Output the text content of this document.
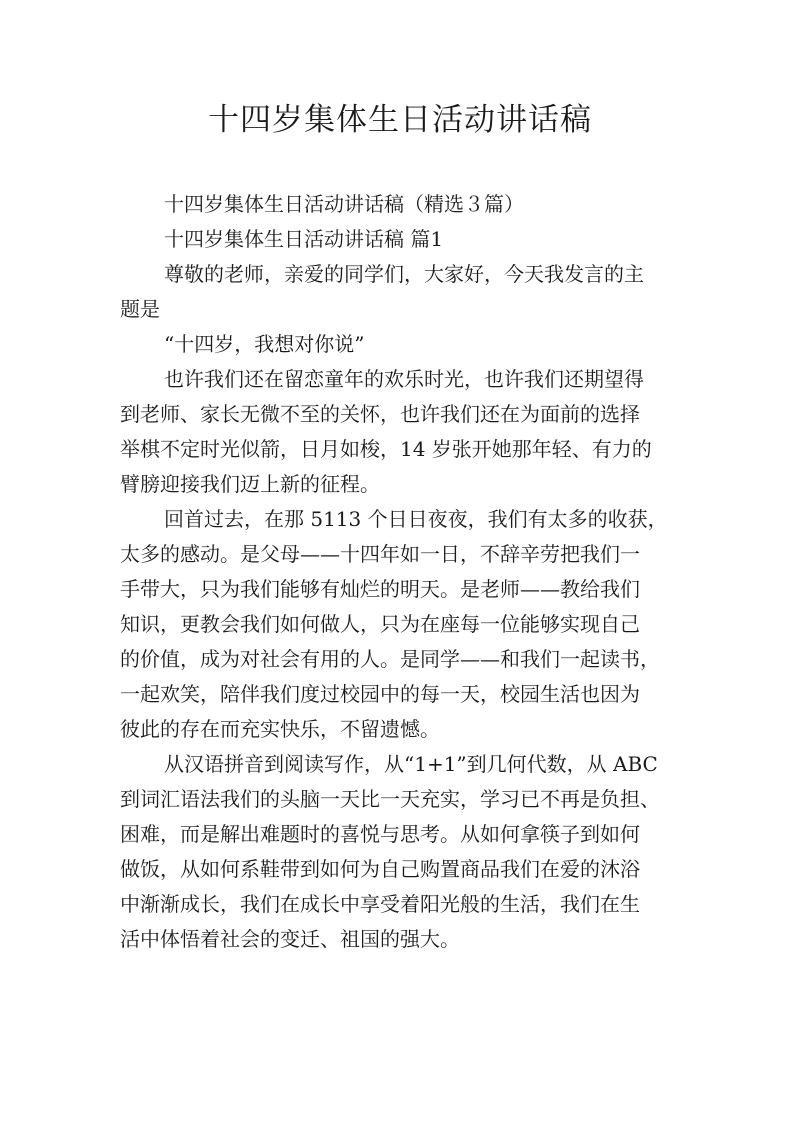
十四岁集体生日活动讲话稿

十四岁集体生日活动讲话稿（精选３篇）

十四岁集体生日活动讲话稿 篇1

尊敬的老师，亲爱的同学们，大家好，今天我发言的主

题是

“十四岁，我想对你说”

也许我们还在留恋童年的欢乐时光，也许我们还期望得

到老师、家长无微不至的关怀，也许我们还在为面前的选择

举棋不定时光似箭，日月如梭，14 岁张开她那年轻、有力的

臂膀迎接我们迈上新的征程。

回首过去，在那 5113 个日日夜夜，我们有太多的收获，

太多的感动。是父母——十四年如一日，不辞辛劳把我们一

手带大，只为我们能够有灿烂的明天。是老师——教给我们

知识，更教会我们如何做人，只为在座每一位能够实现自己

的价值，成为对社会有用的人。是同学——和我们一起读书，

一起欢笑，陪伴我们度过校园中的每一天，校园生活也因为

彼此的存在而充实快乐，不留遗憾。

从汉语拼音到阅读写作，从“1+1”到几何代数，从 ABC

到词汇语法我们的头脑一天比一天充实，学习已不再是负担、

困难，而是解出难题时的喜悦与思考。从如何拿筷子到如何

做饭，从如何系鞋带到如何为自己购置商品我们在爱的沐浴

中渐渐成长，我们在成长中享受着阳光般的生活，我们在生

活中体悟着社会的变迁、祖国的强大。
